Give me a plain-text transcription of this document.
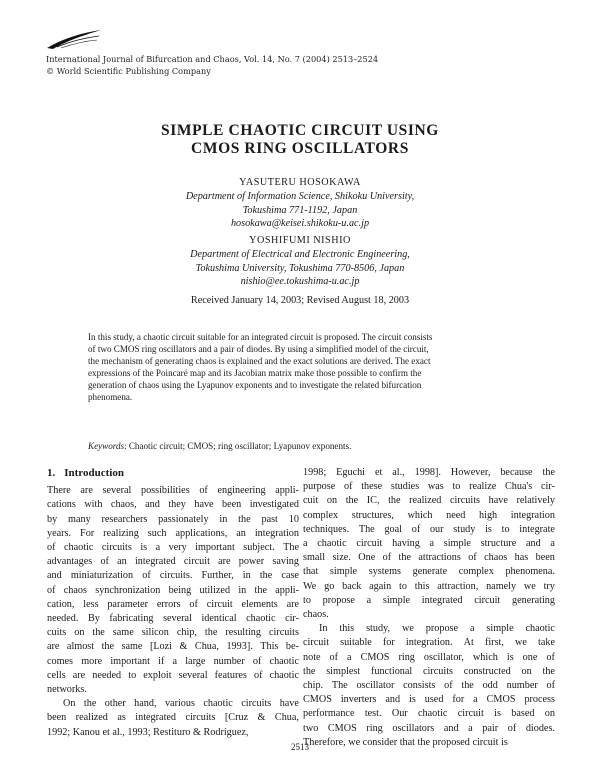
International Journal of Bifurcation and Chaos, Vol. 14, No. 7 (2004) 2513–2524
© World Scientific Publishing Company
SIMPLE CHAOTIC CIRCUIT USING
CMOS RING OSCILLATORS
YASUTERU HOSOKAWA
Department of Information Science, Shikoku University,
Tokushima 771-1192, Japan
hosokawa@keisei.shikoku-u.ac.jp
YOSHIFUMI NISHIO
Department of Electrical and Electronic Engineering,
Tokushima University, Tokushima 770-8506, Japan
nishio@ee.tokushima-u.ac.jp
Received January 14, 2003; Revised August 18, 2003
In this study, a chaotic circuit suitable for an integrated circuit is proposed. The circuit consists
of two CMOS ring oscillators and a pair of diodes. By using a simplified model of the circuit,
the mechanism of generating chaos is explained and the exact solutions are derived. The exact
expressions of the Poincaré map and its Jacobian matrix make those possible to confirm the
generation of chaos using the Lyapunov exponents and to investigate the related bifurcation
phenomena.
Keywords: Chaotic circuit; CMOS; ring oscillator; Lyapunov exponents.
1. Introduction
There are several possibilities of engineering appli-
cations with chaos, and they have been investigated
by many researchers passionately in the past 10
years. For realizing such applications, an integration
of chaotic circuits is a very important subject. The
advantages of an integrated circuit are power saving
and miniaturization of circuits. Further, in the case
of chaos synchronization being utilized in the appli-
cation, less parameter errors of circuit elements are
needed. By fabricating several identical chaotic cir-
cuits on the same silicon chip, the resulting circuits
are almost the same [Lozi & Chua, 1993]. This be-
comes more important if a large number of chaotic
cells are needed to exploit several features of chaotic
networks.
On the other hand, various chaotic circuits have
been realized as integrated circuits [Cruz & Chua,
1992; Kanou et al., 1993; Restituro & Rodríguez,
1998; Eguchi et al., 1998]. However, because the
purpose of these studies was to realize Chua's cir-
cuit on the IC, the realized circuits have relatively
complex structures, which need high integration
techniques. The goal of our study is to integrate
a chaotic circuit having a simple structure and a
small size. One of the attractions of chaos has been
that simple systems generate complex phenomena.
We go back again to this attraction, namely we try
to propose a simple integrated circuit generating
chaos.
In this study, we propose a simple chaotic
circuit suitable for integration. At first, we take
note of a CMOS ring oscillator, which is one of
the simplest functional circuits constructed on the
chip. The oscillator consists of the odd number of
CMOS inverters and is used for a CMOS process
performance test. Our chaotic circuit is based on
two CMOS ring oscillators and a pair of diodes.
Therefore, we consider that the proposed circuit is
2513
